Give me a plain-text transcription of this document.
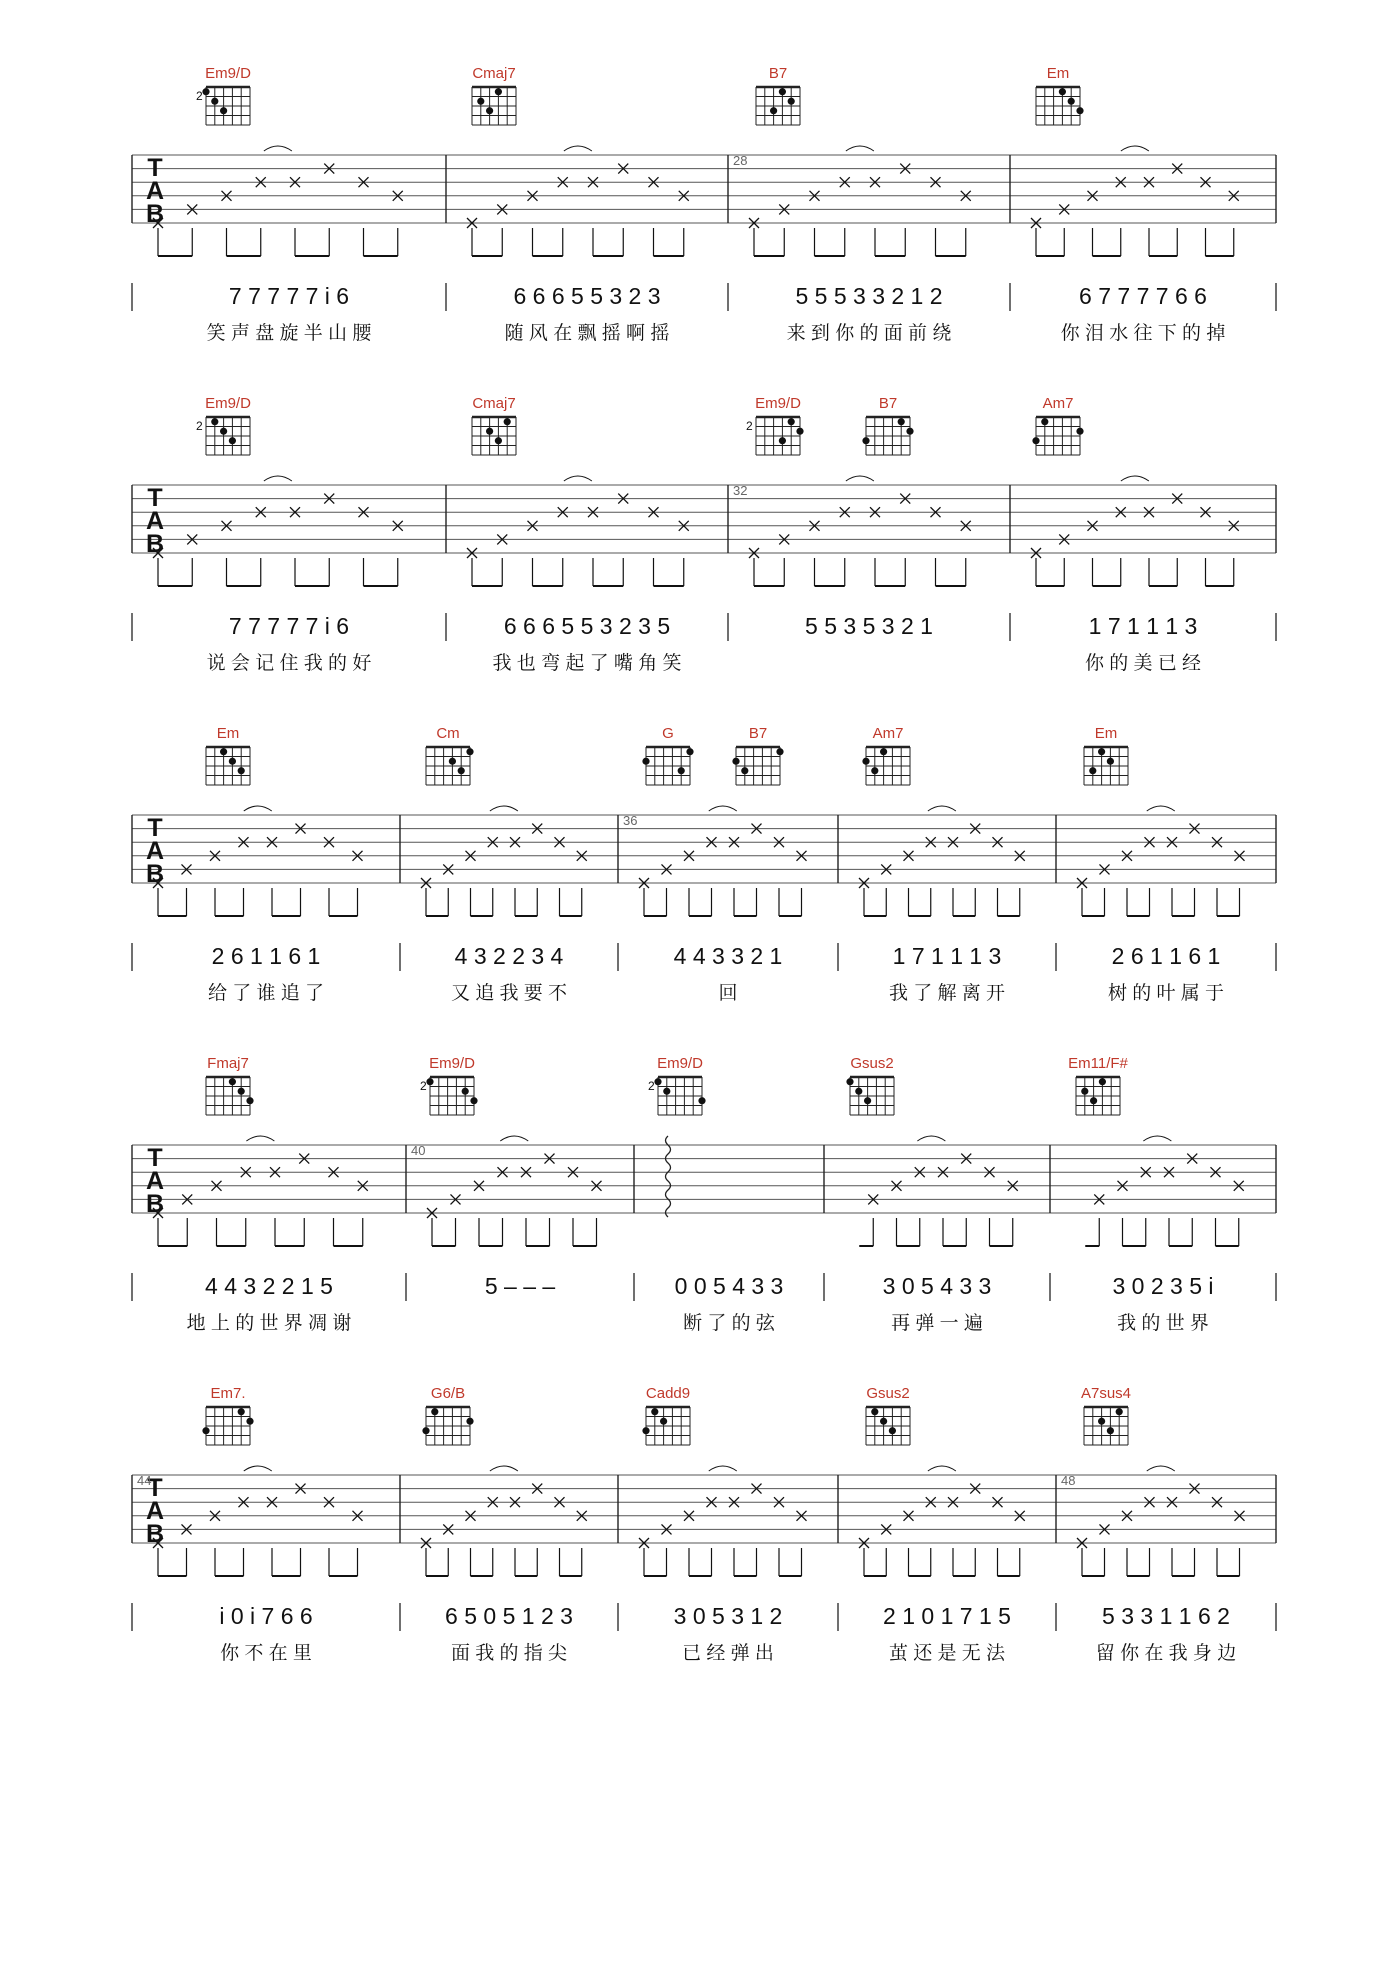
T
A
B
28
Em9/D
2
Cmaj7	B7	Em
7 7 7 7 7 i 6	6 6 6 5 5 3 2 3	5 5 5 3 3 2 1 2	6 7 7 7 7 6 6
笑 声 盘 旋 半 山 腰	随 风 在 飘 摇 啊 摇	来 到 你 的 面 前 绕	你 泪 水 往 下 的 掉
T
A
B
32
Em9/D
2
Cmaj7	Em9/D
2
B7	Am7
7 7 7 7 7 i 6	6 6 6 5 5 3 2 3 5	5 5 3 5 3 2 1	1 7 1 1 1 3
说 会 记 住 我 的 好	我 也 弯 起 了 嘴 角 笑	你 的 美 已 经
T
A
B
36
Em	Cm	G	B7	Am7	Em
2 6 1 1 6 1	4 3 2 2 3 4	4 4 3 3 2 1	1 7 1 1 1 3	2 6 1 1 6 1
给 了 谁 追 了	又 追 我 要 不	回	我 了 解 离 开	树 的 叶 属 于
T
A
B
40
Fmaj7	Em9/D
2
Em9/D
2
Gsus2	Em11/F#
4 4 3 2 2 1 5	5 – – –	0 0 5 4 3 3	3 0 5 4 3 3	3 0 2 3 5 i
地 上 的 世 界 凋 谢	断 了 的 弦	再 弹 一 遍	我 的 世 界
T
A
B
44	48
Em7.	G6/B	Cadd9	Gsus2	A7sus4
i 0 i 7 6 6	6 5 0 5 1 2 3	3 0 5 3 1 2	2 1 0 1 7 1 5	5 3 3 1 1 6 2
你 不 在 里	面 我 的 指 尖	已 经 弹 出	茧 还 是 无 法	留 你 在 我 身 边
